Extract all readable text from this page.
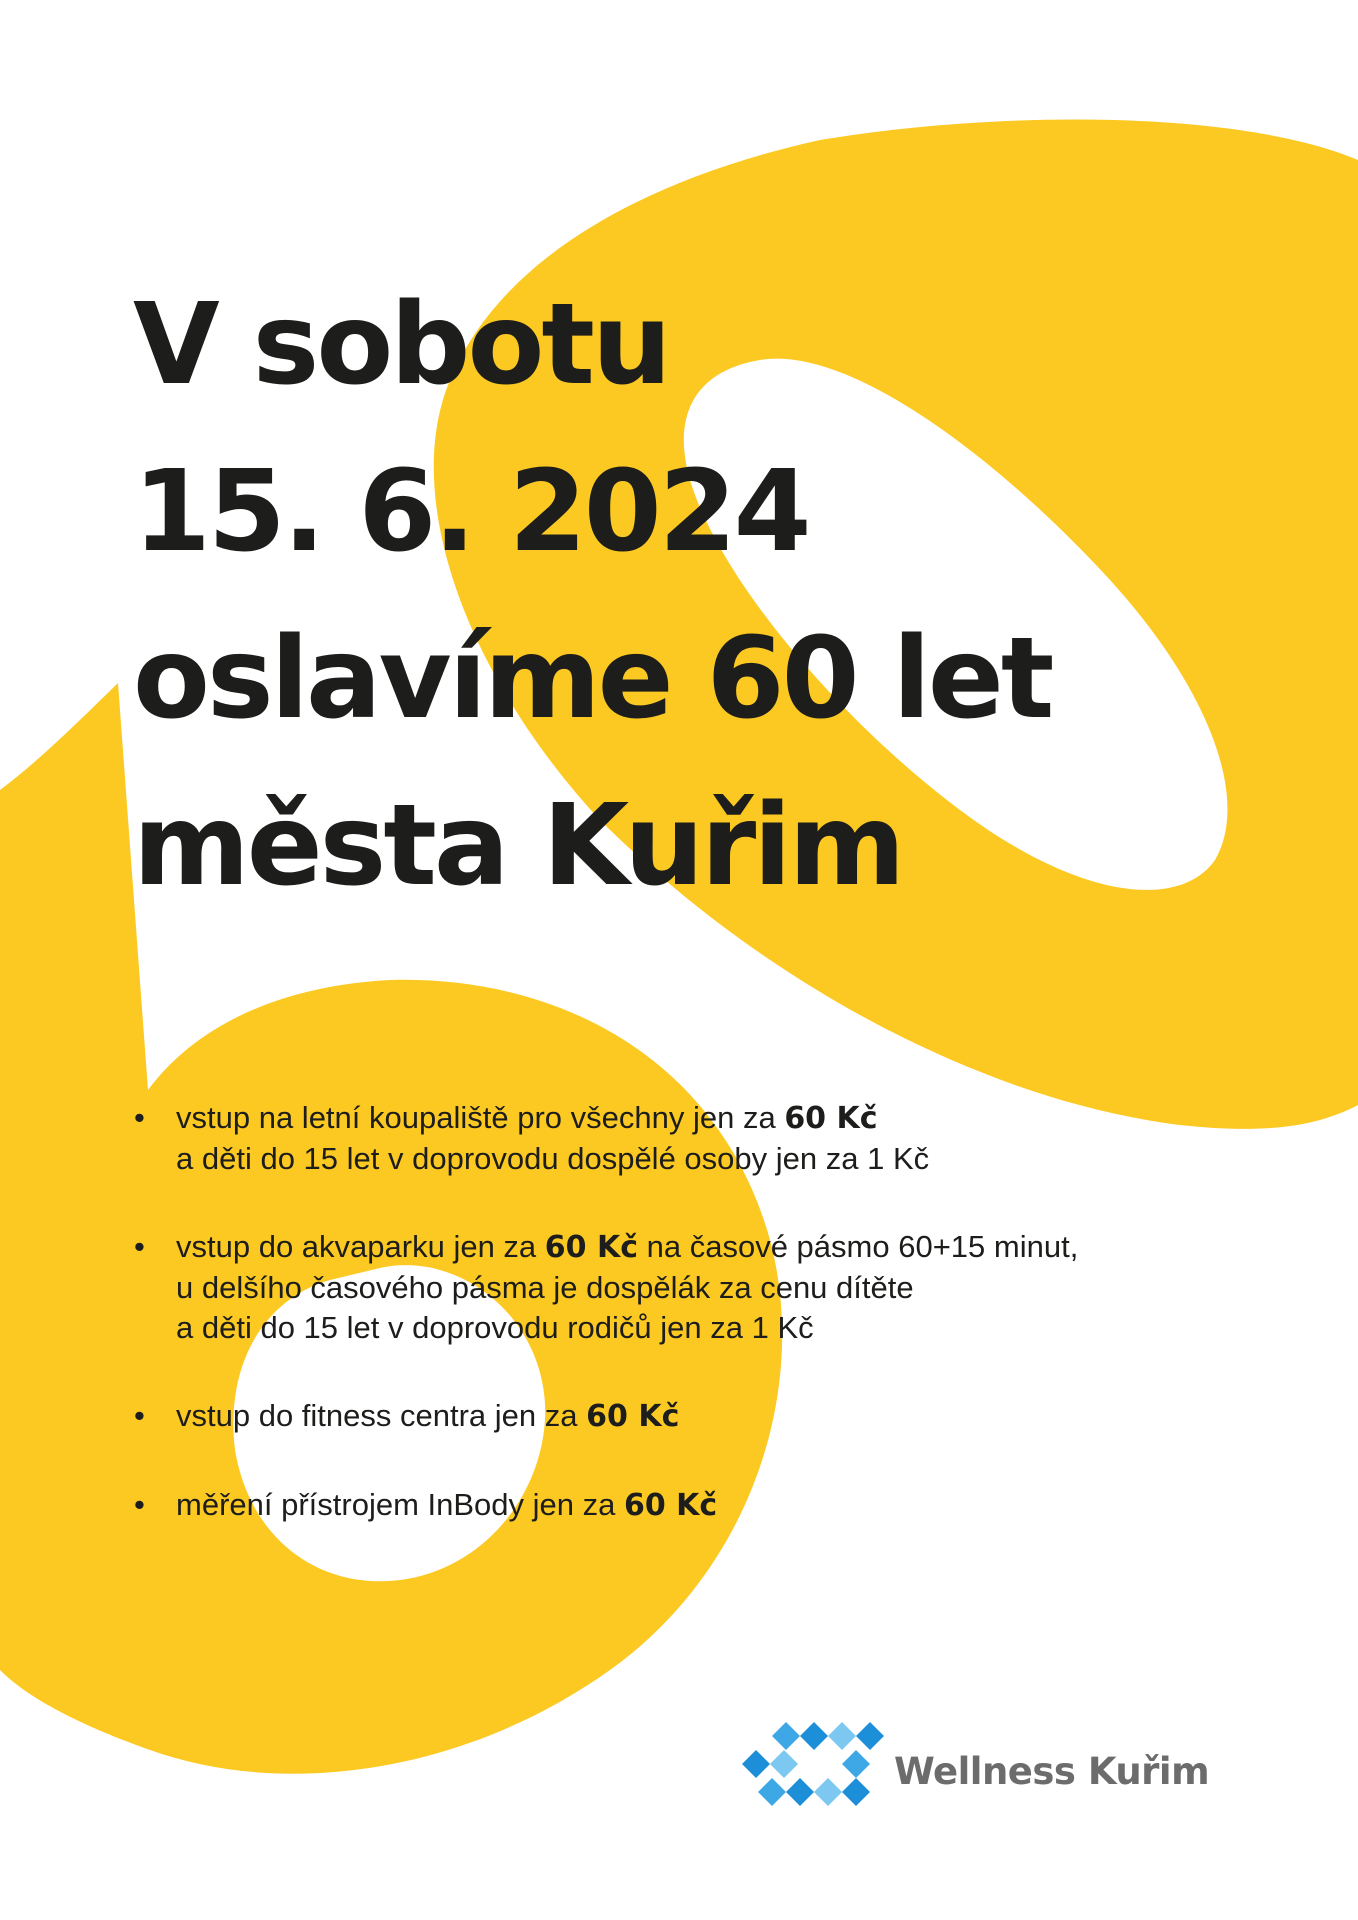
V sobotu
15. 6. 2024
oslavíme 60 let
města Kuřim
• vstup na letní koupaliště pro všechny jen za 60 Kč
a děti do 15 let v doprovodu dospělé osoby jen za 1 Kč
• vstup do akvaparku jen za 60 Kč na časové pásmo 60+15 minut,
u delšího časového pásma je dospělák za cenu dítěte
a děti do 15 let v doprovodu rodičů jen za 1 Kč
• vstup do fitness centra jen za 60 Kč
• měření přístrojem InBody jen za 60 Kč
Wellness Kuřim
